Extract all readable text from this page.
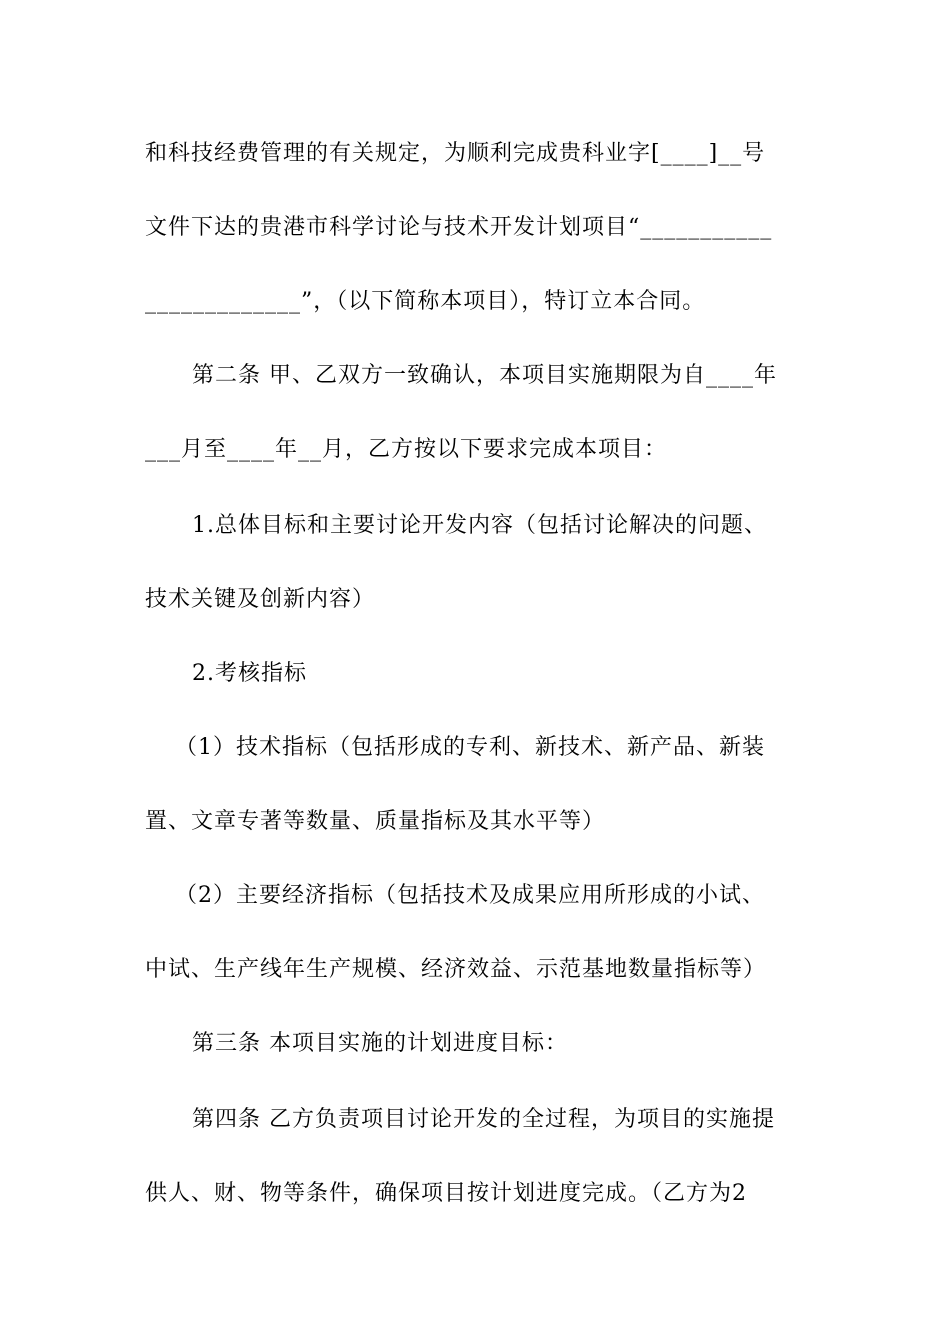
和科技经费管理的有关规定，为顺利完成贵科业字[____]__号
文件下达的贵港市科学讨论与技术开发计划项目“___________
_____________”，（以下简称本项目），特订立本合同。
第二条 甲、乙双方一致确认，本项目实施期限为自____年
___月至____年__月，乙方按以下要求完成本项目：
1.总体目标和主要讨论开发内容（包括讨论解决的问题、
技术关键及创新内容）
2.考核指标
（1）技术指标（包括形成的专利、新技术、新产品、新装
置、文章专著等数量、质量指标及其水平等）
（2）主要经济指标（包括技术及成果应用所形成的小试、
中试、生产线年生产规模、经济效益、示范基地数量指标等）
第三条 本项目实施的计划进度目标：
第四条 乙方负责项目讨论开发的全过程，为项目的实施提
供人、财、物等条件，确保项目按计划进度完成。（乙方为2
